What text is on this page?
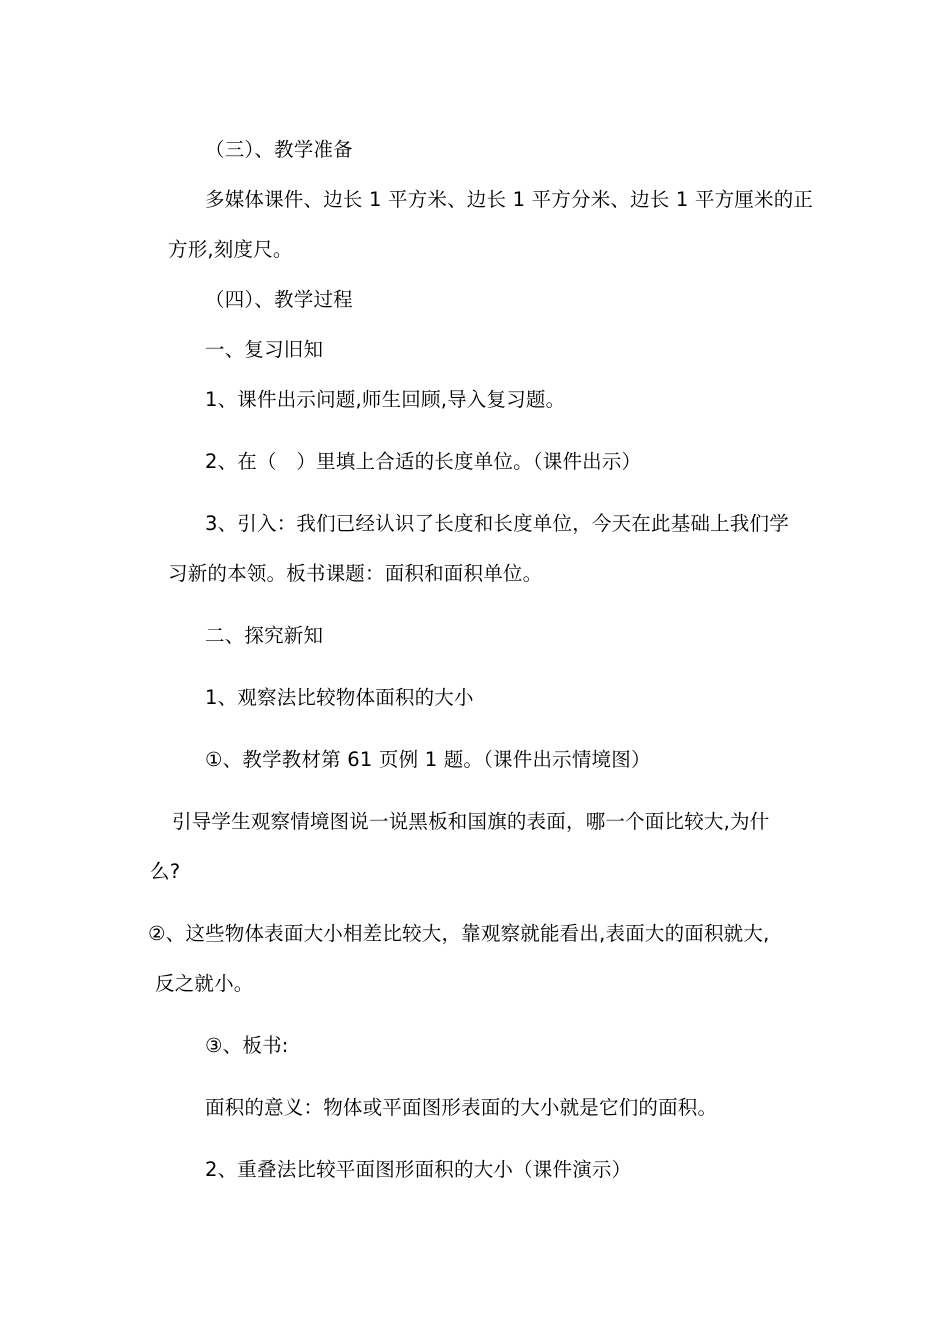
（三）、教学准备
多媒体课件、边长 1 平方米、边长 1 平方分米、边长 1 平方厘米的正
方形,刻度尺。
（四）、教学过程
一、复习旧知
1、课件出示问题,师生回顾,导入复习题。
2、在（　）里填上合适的长度单位。（课件出示）
3、引入：我们已经认识了长度和长度单位，今天在此基础上我们学
习新的本领。板书课题：面积和面积单位。
二、探究新知
1、观察法比较物体面积的大小
①、教学教材第 61 页例 1 题。（课件出示情境图）
引导学生观察情境图说一说黑板和国旗的表面，哪一个面比较大,为什
么?
②、这些物体表面大小相差比较大，靠观察就能看出,表面大的面积就大,
反之就小。
③、板书:
面积的意义：物体或平面图形表面的大小就是它们的面积。
2、重叠法比较平面图形面积的大小（课件演示）
